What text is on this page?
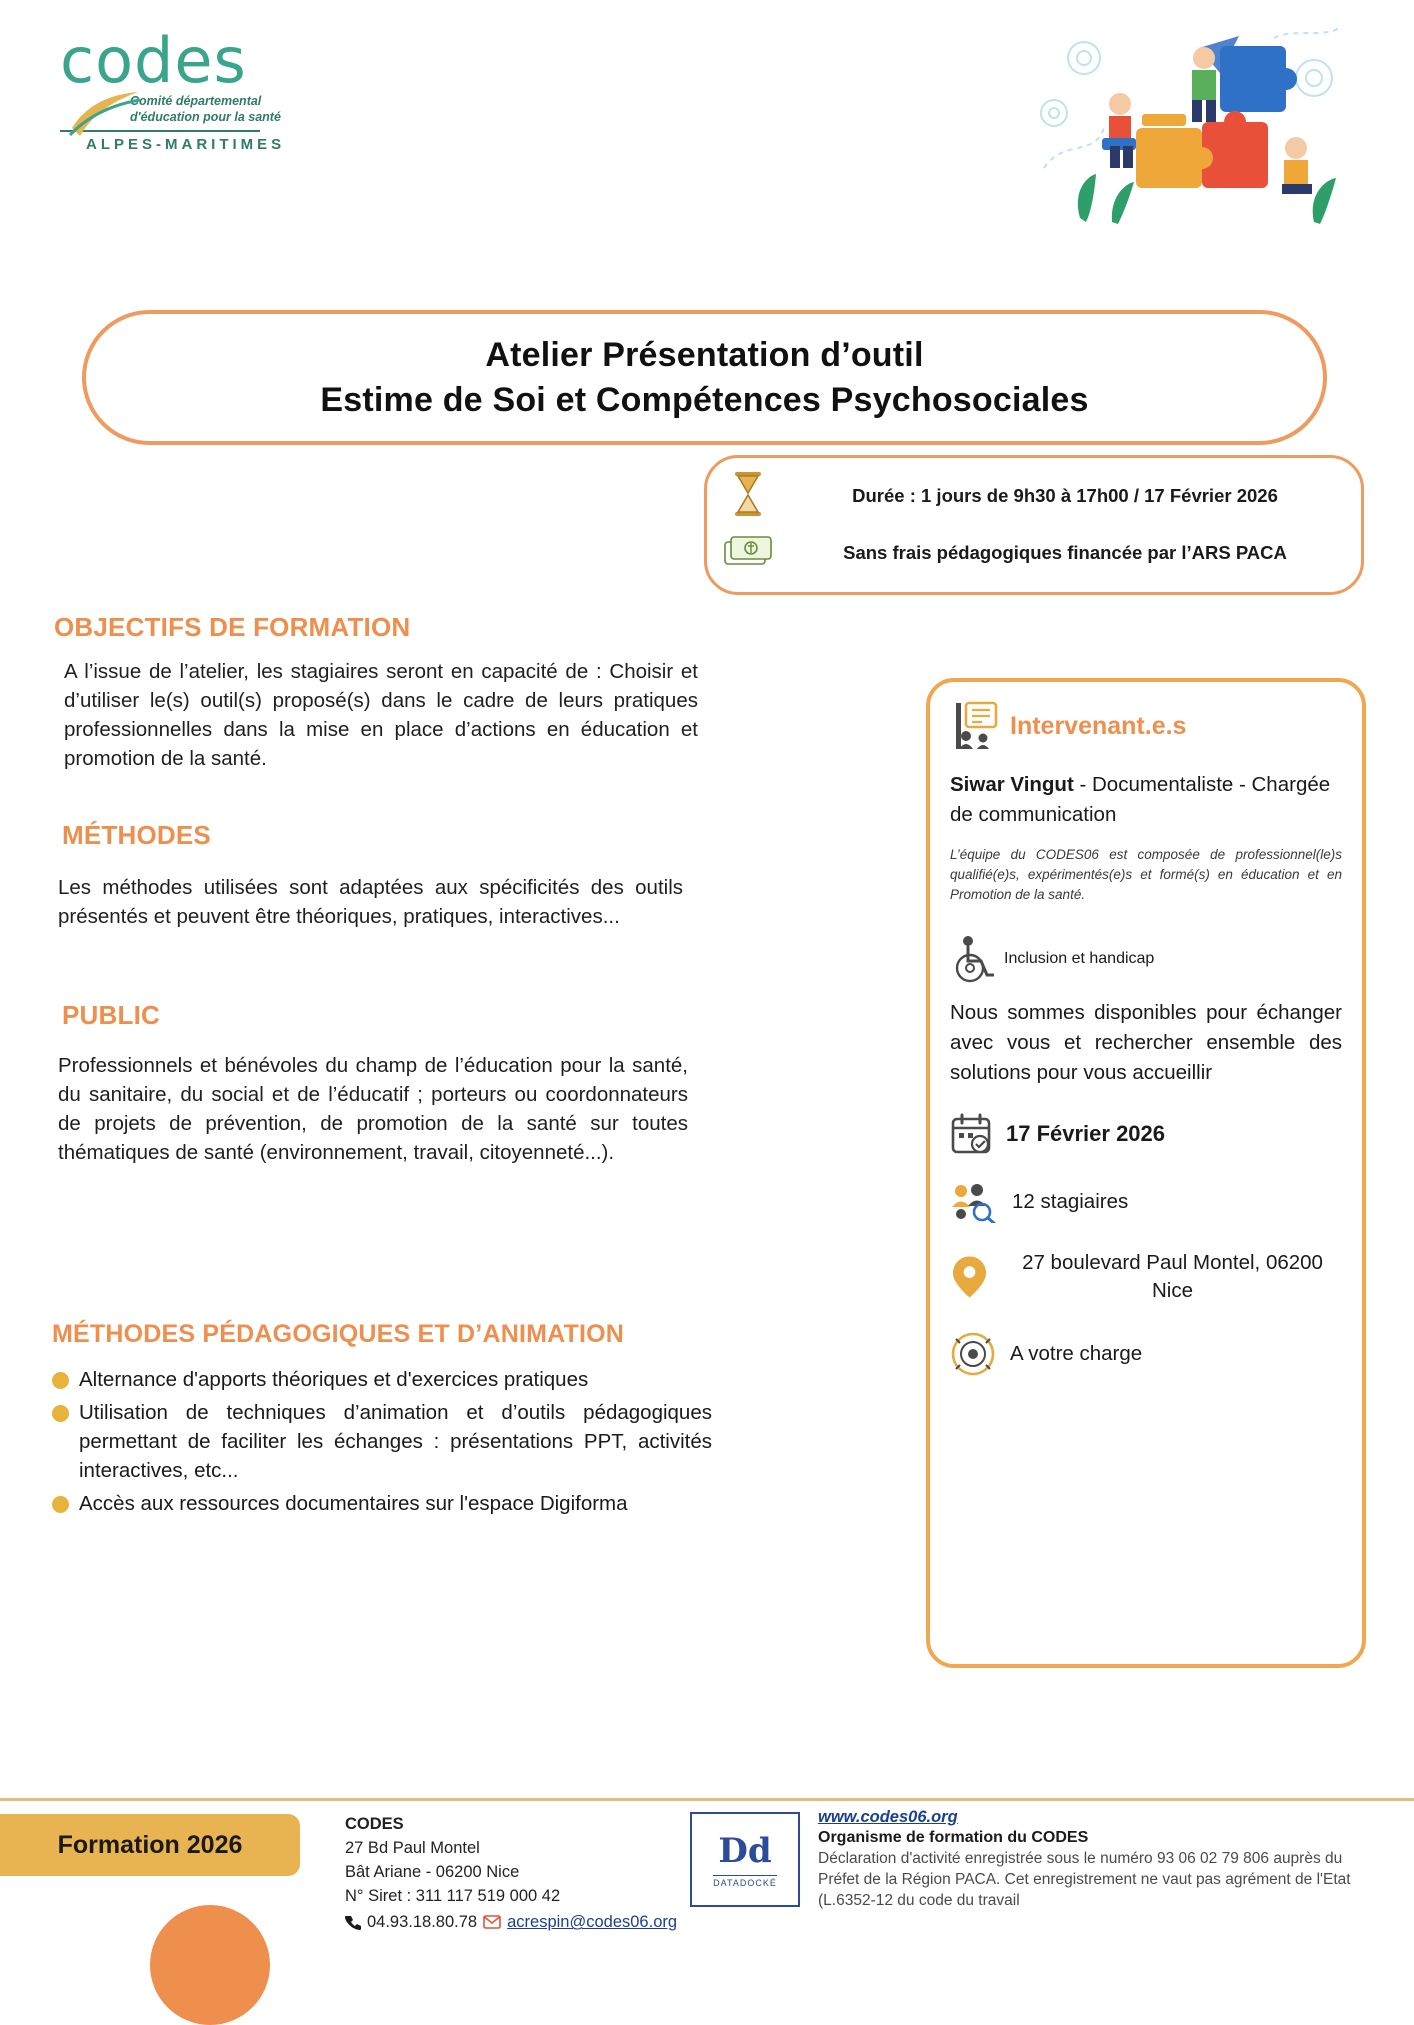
codes
Comité départemental
d'éducation pour la santé
ALPES-MARITIMES
Atelier Présentation d’outil
Estime de Soi et Compétences Psychosociales
Durée : 1 jours de 9h30 à 17h00 / 17 Février 2026
Sans frais pédagogiques financée par l’ARS PACA
OBJECTIFS DE FORMATION
A l’issue de l’atelier, les stagiaires seront en capacité de : Choisir et d’utiliser le(s) outil(s) proposé(s) dans le cadre de leurs pratiques professionnelles dans la mise en place d’actions en éducation et promotion de la santé.
MÉTHODES
Les méthodes utilisées sont adaptées aux spécificités des outils présentés et peuvent être théoriques, pratiques, interactives...
PUBLIC
Professionnels et bénévoles du champ de l’éducation pour la santé, du sanitaire, du social et de l’éducatif ; porteurs ou coordonnateurs de projets de prévention, de promotion de la santé sur toutes thématiques de santé (environnement, travail, citoyenneté...).
MÉTHODES PÉDAGOGIQUES ET D’ANIMATION
Alternance d'apports théoriques et d'exercices pratiques
Utilisation de techniques d’animation et d’outils pédagogiques permettant de faciliter les échanges : présentations PPT, activités interactives, etc...
Accès aux ressources documentaires sur l'espace Digiforma
Intervenant.e.s
Siwar Vingut - Documentaliste - Chargée de communication
L’équipe du CODES06 est composée de professionnel(le)s qualifié(e)s, expérimentés(e)s et formé(s) en éducation et en Promotion de la santé.
Inclusion et handicap
Nous sommes disponibles pour échanger avec vous et rechercher ensemble des solutions pour vous accueillir
17 Février 2026
12 stagiaires
27 boulevard Paul Montel, 06200 Nice
A votre charge
Formation 2026
CODES
27 Bd Paul Montel
Bât Ariane - 06200 Nice
N° Siret : 311 117 519 000 42
04.93.18.80.78 acrespin@codes06.org
Dd
DATADOCKÉ
www.codes06.org
Organisme de formation du CODES
Déclaration d'activité enregistrée sous le numéro 93 06 02 79 806 auprès du Préfet de la Région PACA. Cet enregistrement ne vaut pas agrément de l'Etat (L.6352-12 du code du travail
